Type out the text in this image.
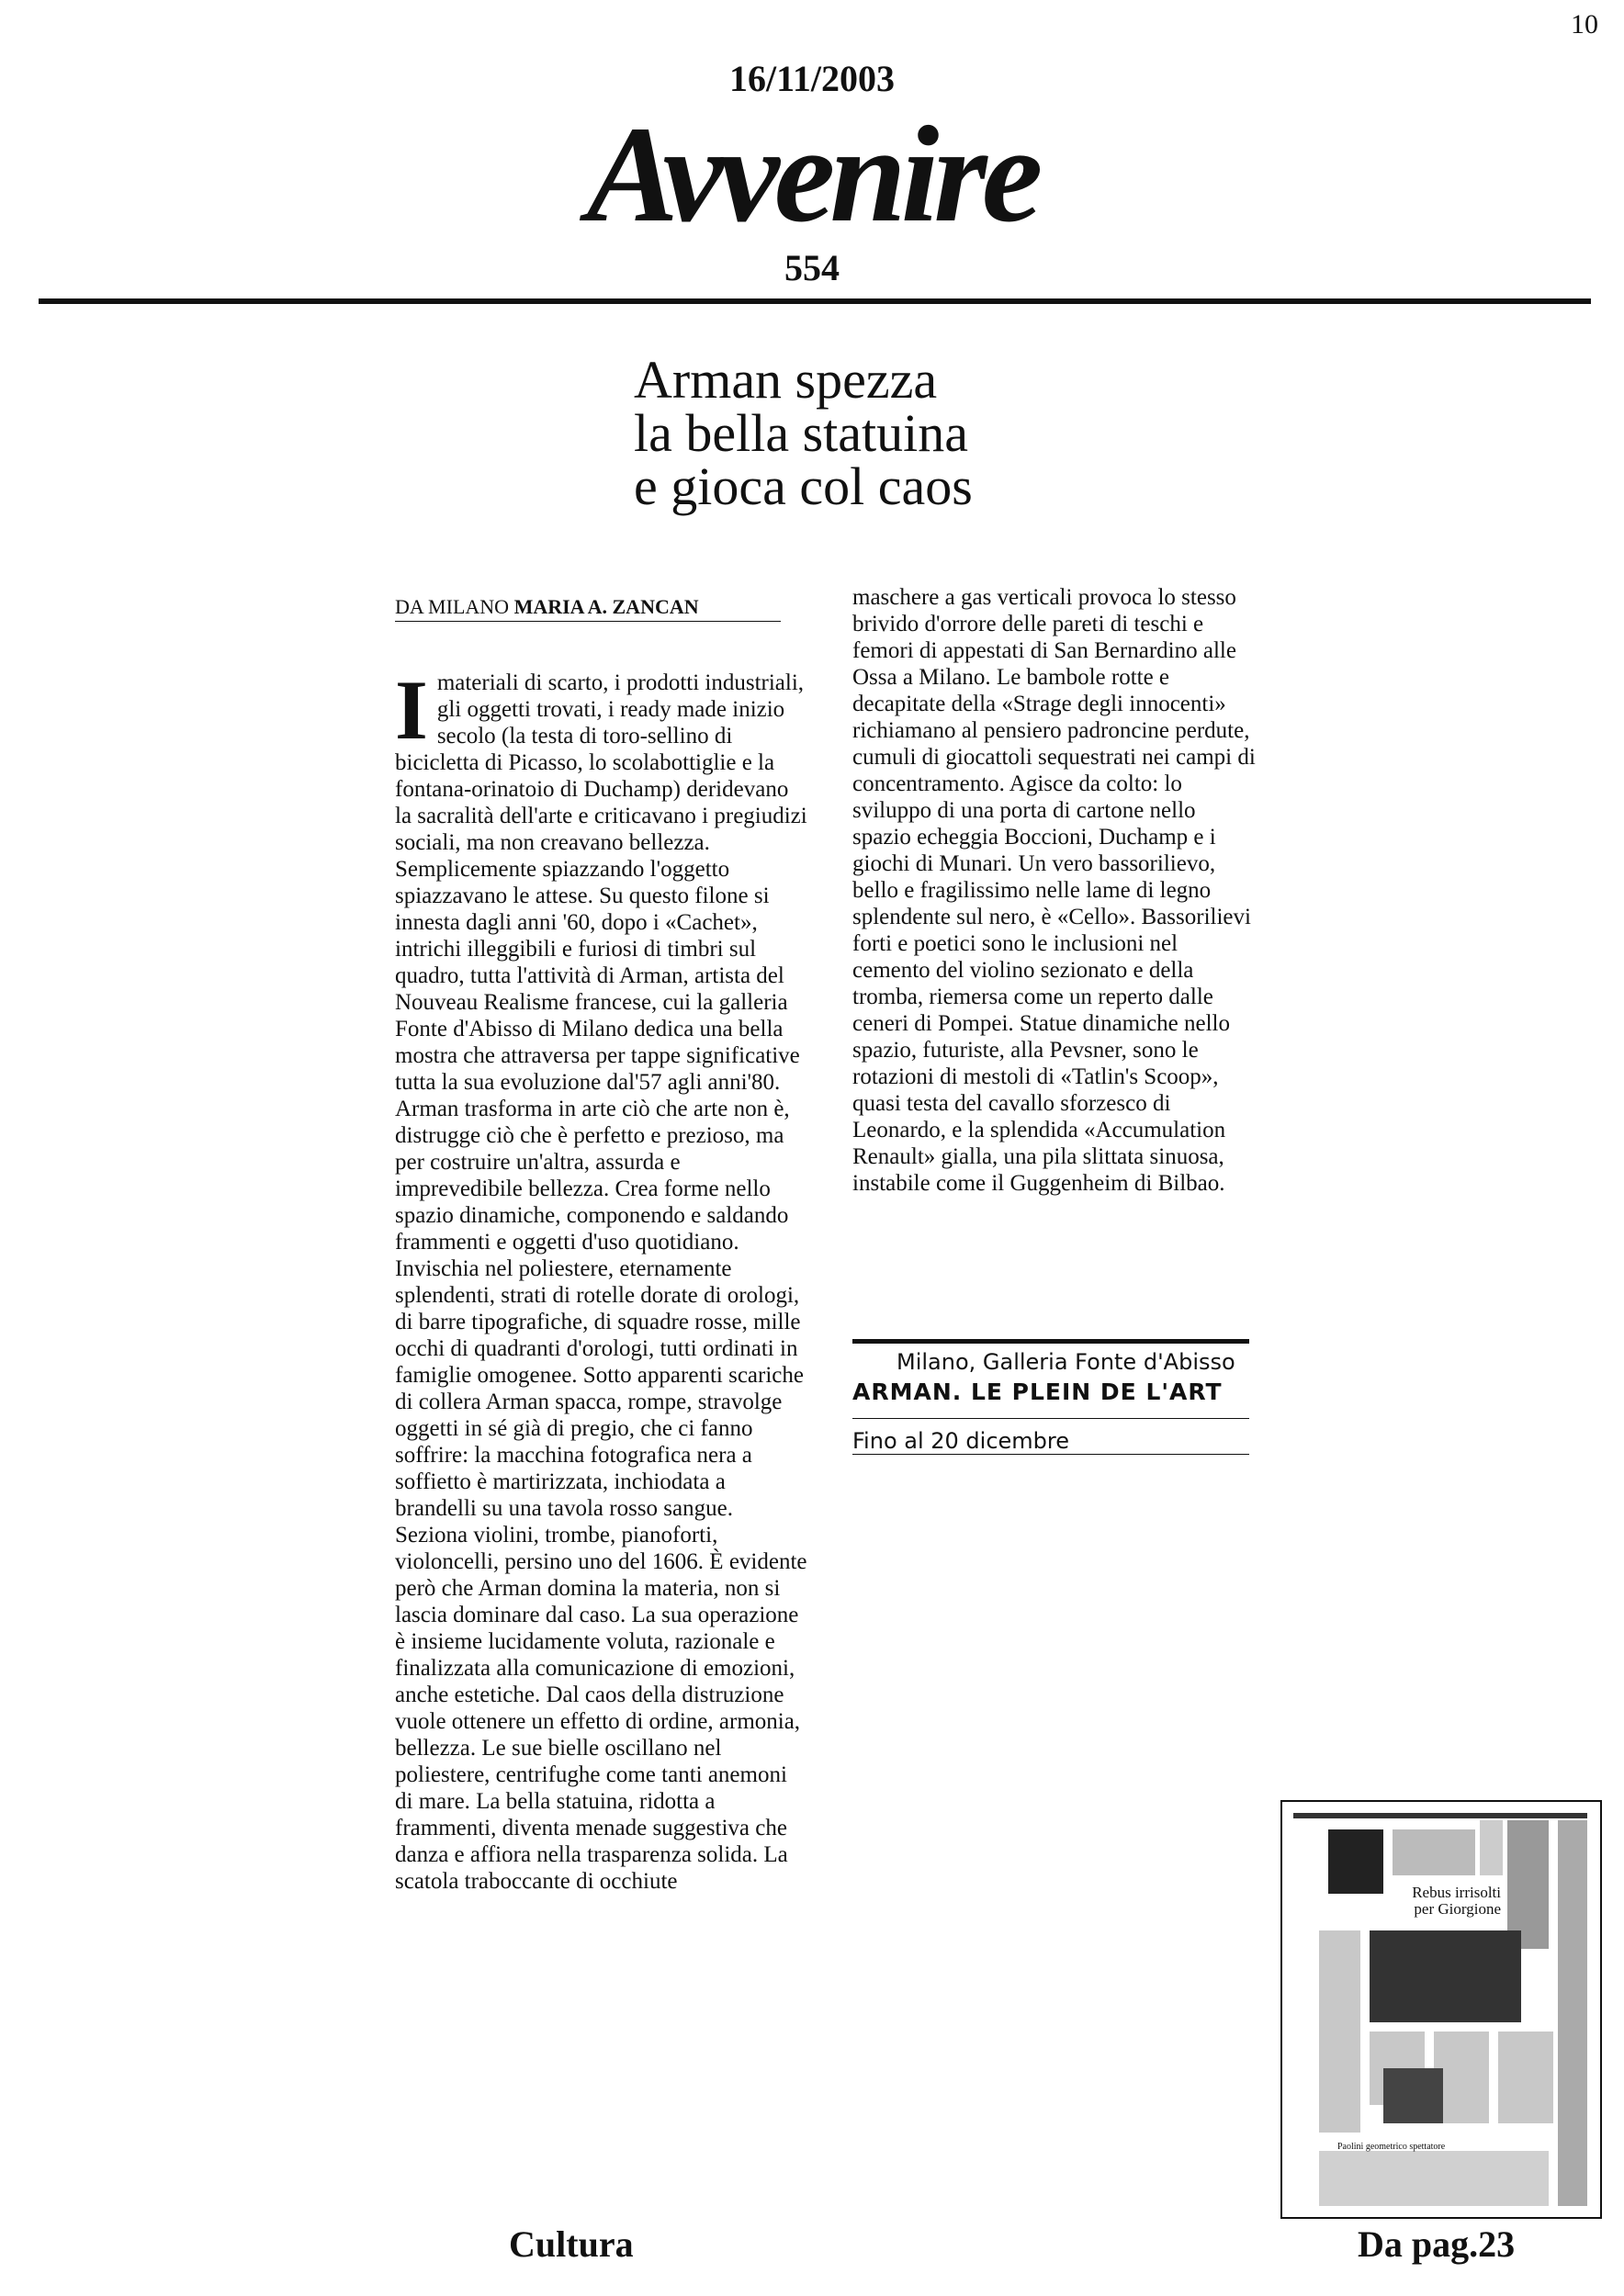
10
16/11/2003
Avvenire
554
Arman spezza
la bella statuina
e gioca col caos
DA MILANO MARIA A. ZANCAN

Imateriali di scarto, i prodotti industriali, gli oggetti trovati, i ready made inizio secolo (la testa di toro-sellino di bicicletta di Picasso, lo scolabottiglie e la fontana-orinatoio di Duchamp) deridevano la sacralità dell'arte e criticavano i pregiudizi sociali, ma non creavano bellezza. Semplicemente spiazzando l'oggetto spiazzavano le attese. Su questo filone si innesta dagli anni '60, dopo i «Cachet», intrichi illeggibili e furiosi di timbri sul quadro, tutta l'attività di Arman, artista del Nouveau Realisme francese, cui la galleria Fonte d'Abisso di Milano dedica una bella mostra che attraversa per tappe significative tutta la sua evoluzione dal'57 agli anni'80. Arman trasforma in arte ciò che arte non è, distrugge ciò che è perfetto e prezioso, ma per costruire un'altra, assurda e imprevedibile bellezza. Crea forme nello spazio dinamiche, componendo e saldando frammenti e oggetti d'uso quotidiano. Invischia nel poliestere, eternamente splendenti, strati di rotelle dorate di orologi, di barre tipografiche, di squadre rosse, mille occhi di quadranti d'orologi, tutti ordinati in famiglie omogenee. Sotto apparenti scariche di collera Arman spacca, rompe, stravolge oggetti in sé già di pregio, che ci fanno soffrire: la macchina fotografica nera a soffietto è martirizzata, inchiodata a brandelli su una tavola rosso sangue. Seziona violini, trombe, pianoforti, violoncelli, persino uno del 1606. È evidente però che Arman domina la materia, non si lascia dominare dal caso. La sua operazione è insieme lucidamente voluta, razionale e finalizzata alla comunicazione di emozioni, anche estetiche. Dal caos della distruzione vuole ottenere un effetto di ordine, armonia, bellezza. Le sue bielle oscillano nel poliestere, centrifughe come tanti anemoni di mare. La bella statuina, ridotta a frammenti, diventa menade suggestiva che danza e affiora nella trasparenza solida. La scatola traboccante di occhiute

maschere a gas verticali provoca lo stesso brivido d'orrore delle pareti di teschi e femori di appestati di San Bernardino alle Ossa a Milano. Le bambole rotte e decapitate della «Strage degli innocenti» richiamano al pensiero padroncine perdute, cumuli di giocattoli sequestrati nei campi di concentramento. Agisce da colto: lo sviluppo di una porta di cartone nello spazio echeggia Boccioni, Duchamp e i giochi di Munari. Un vero bassorilievo, bello e fragilissimo nelle lame di legno splendente sul nero, è «Cello». Bassorilievi forti e poetici sono le inclusioni nel cemento del violino sezionato e della tromba, riemersa come un reperto dalle ceneri di Pompei. Statue dinamiche nello spazio, futuriste, alla Pevsner, sono le rotazioni di mestoli di «Tatlin's Scoop», quasi testa del cavallo sforzesco di Leonardo, e la splendida «Accumulation Renault» gialla, una pila slittata sinuosa, instabile come il Guggenheim di Bilbao.
Milano, Galleria Fonte d'Abisso
ARMAN. LE PLEIN DE L'ART
Fino al 20 dicembre
Rebus irrisolti per Giorgione
Paolini geometrico spettatore
Cultura	Da pag.23
